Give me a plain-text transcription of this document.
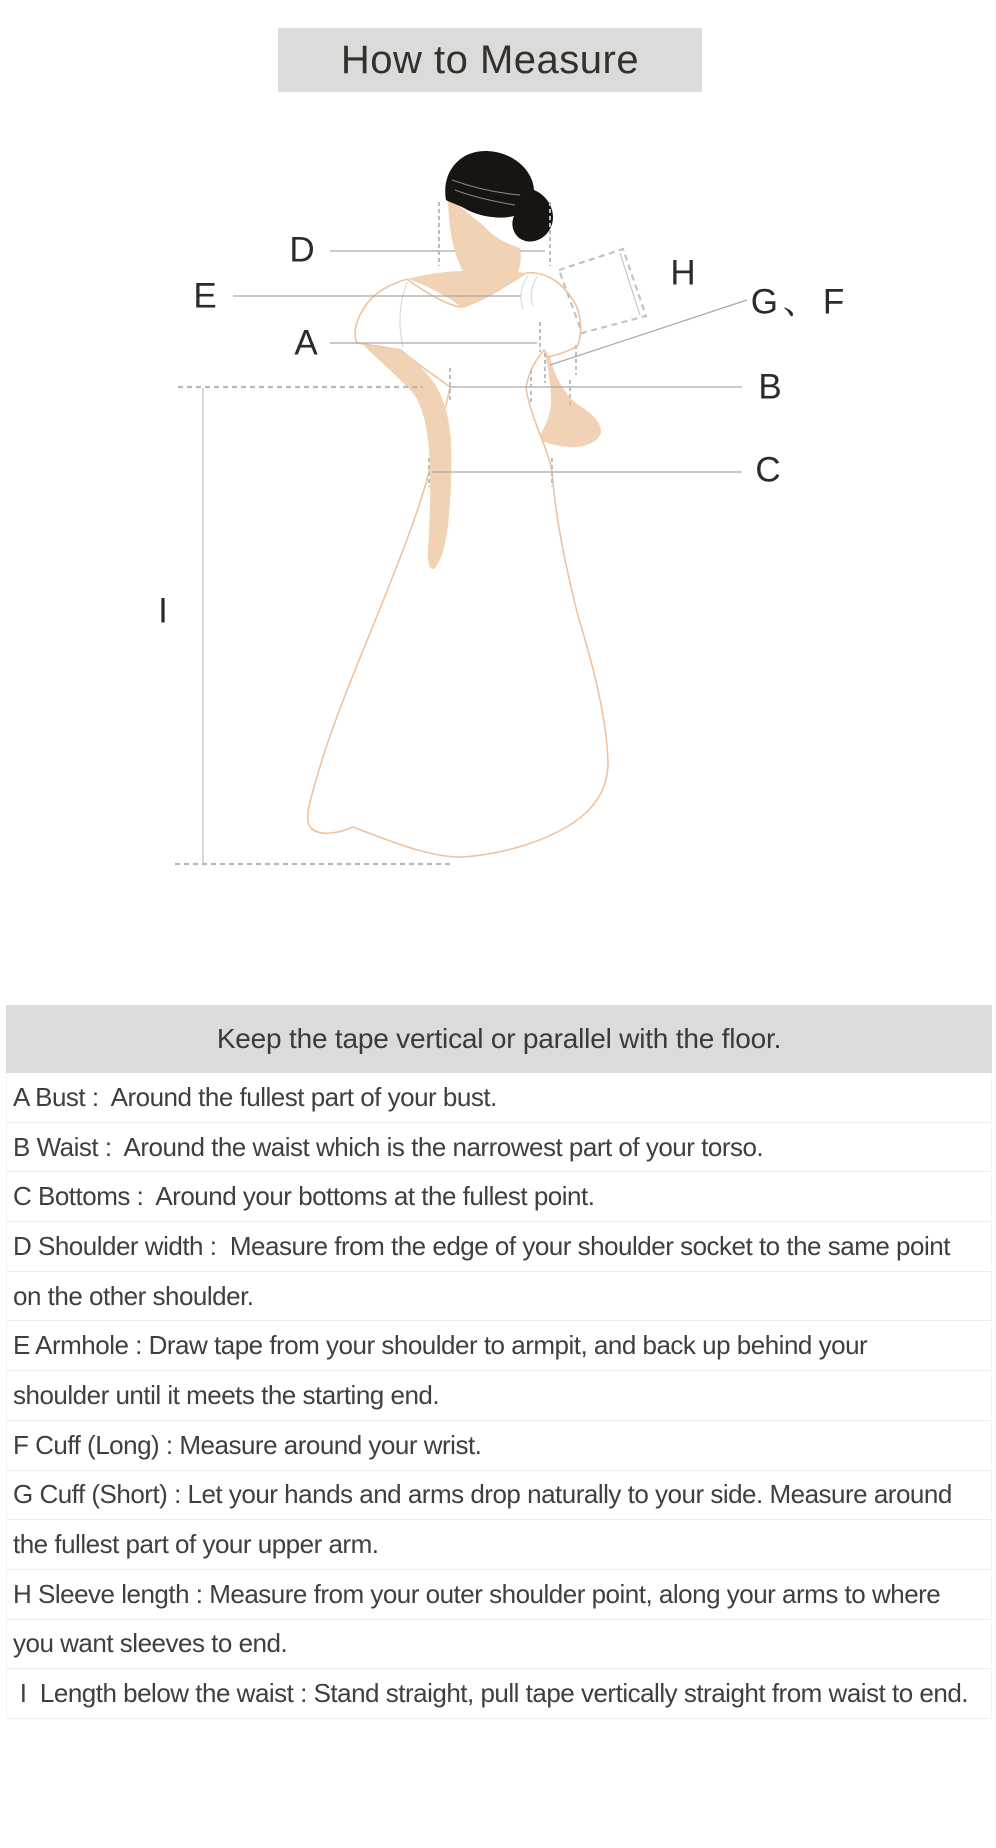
How to Measure
D
E
A
H
G、F
B
C
I
Keep the tape vertical or parallel with the floor.
A Bust :  Around the fullest part of your bust.
B Waist :  Around the waist which is the narrowest part of your torso.
C Bottoms :  Around your bottoms at the fullest point.
D Shoulder width :  Measure from the edge of your shoulder socket to the same point
on the other shoulder.
E Armhole : Draw tape from your shoulder to armpit, and back up behind your
shoulder until it meets the starting end.
F Cuff (Long) : Measure around your wrist.
G Cuff (Short) : Let your hands and arms drop naturally to your side. Measure around
the fullest part of your upper arm.
H Sleeve length : Measure from your outer shoulder point, along your arms to where
you want sleeves to end.
I  Length below the waist : Stand straight, pull tape vertically straight from waist to end.
